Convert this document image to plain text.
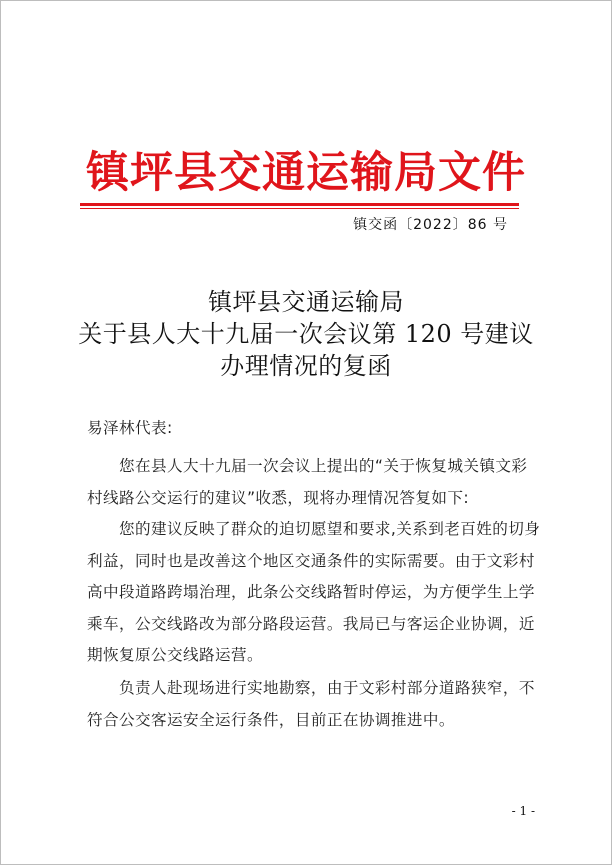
镇坪县交通运输局文件
镇交函〔2022〕86 号
镇坪县交通运输局
关于县人大十九届一次会议第 120 号建议
办理情况的复函
易泽林代表:
您在县人大十九届一次会议上提出的“关于恢复城关镇文彩村线路公交运行的建议”收悉，现将办理情况答复如下:
您的建议反映了群众的迫切愿望和要求,关系到老百姓的切身利益，同时也是改善这个地区交通条件的实际需要。由于文彩村高中段道路跨塌治理，此条公交线路暂时停运，为方便学生上学乘车，公交线路改为部分路段运营。我局已与客运企业协调，近期恢复原公交线路运营。
负责人赴现场进行实地勘察，由于文彩村部分道路狭窄，不符合公交客运安全运行条件，目前正在协调推进中。
- 1 -
